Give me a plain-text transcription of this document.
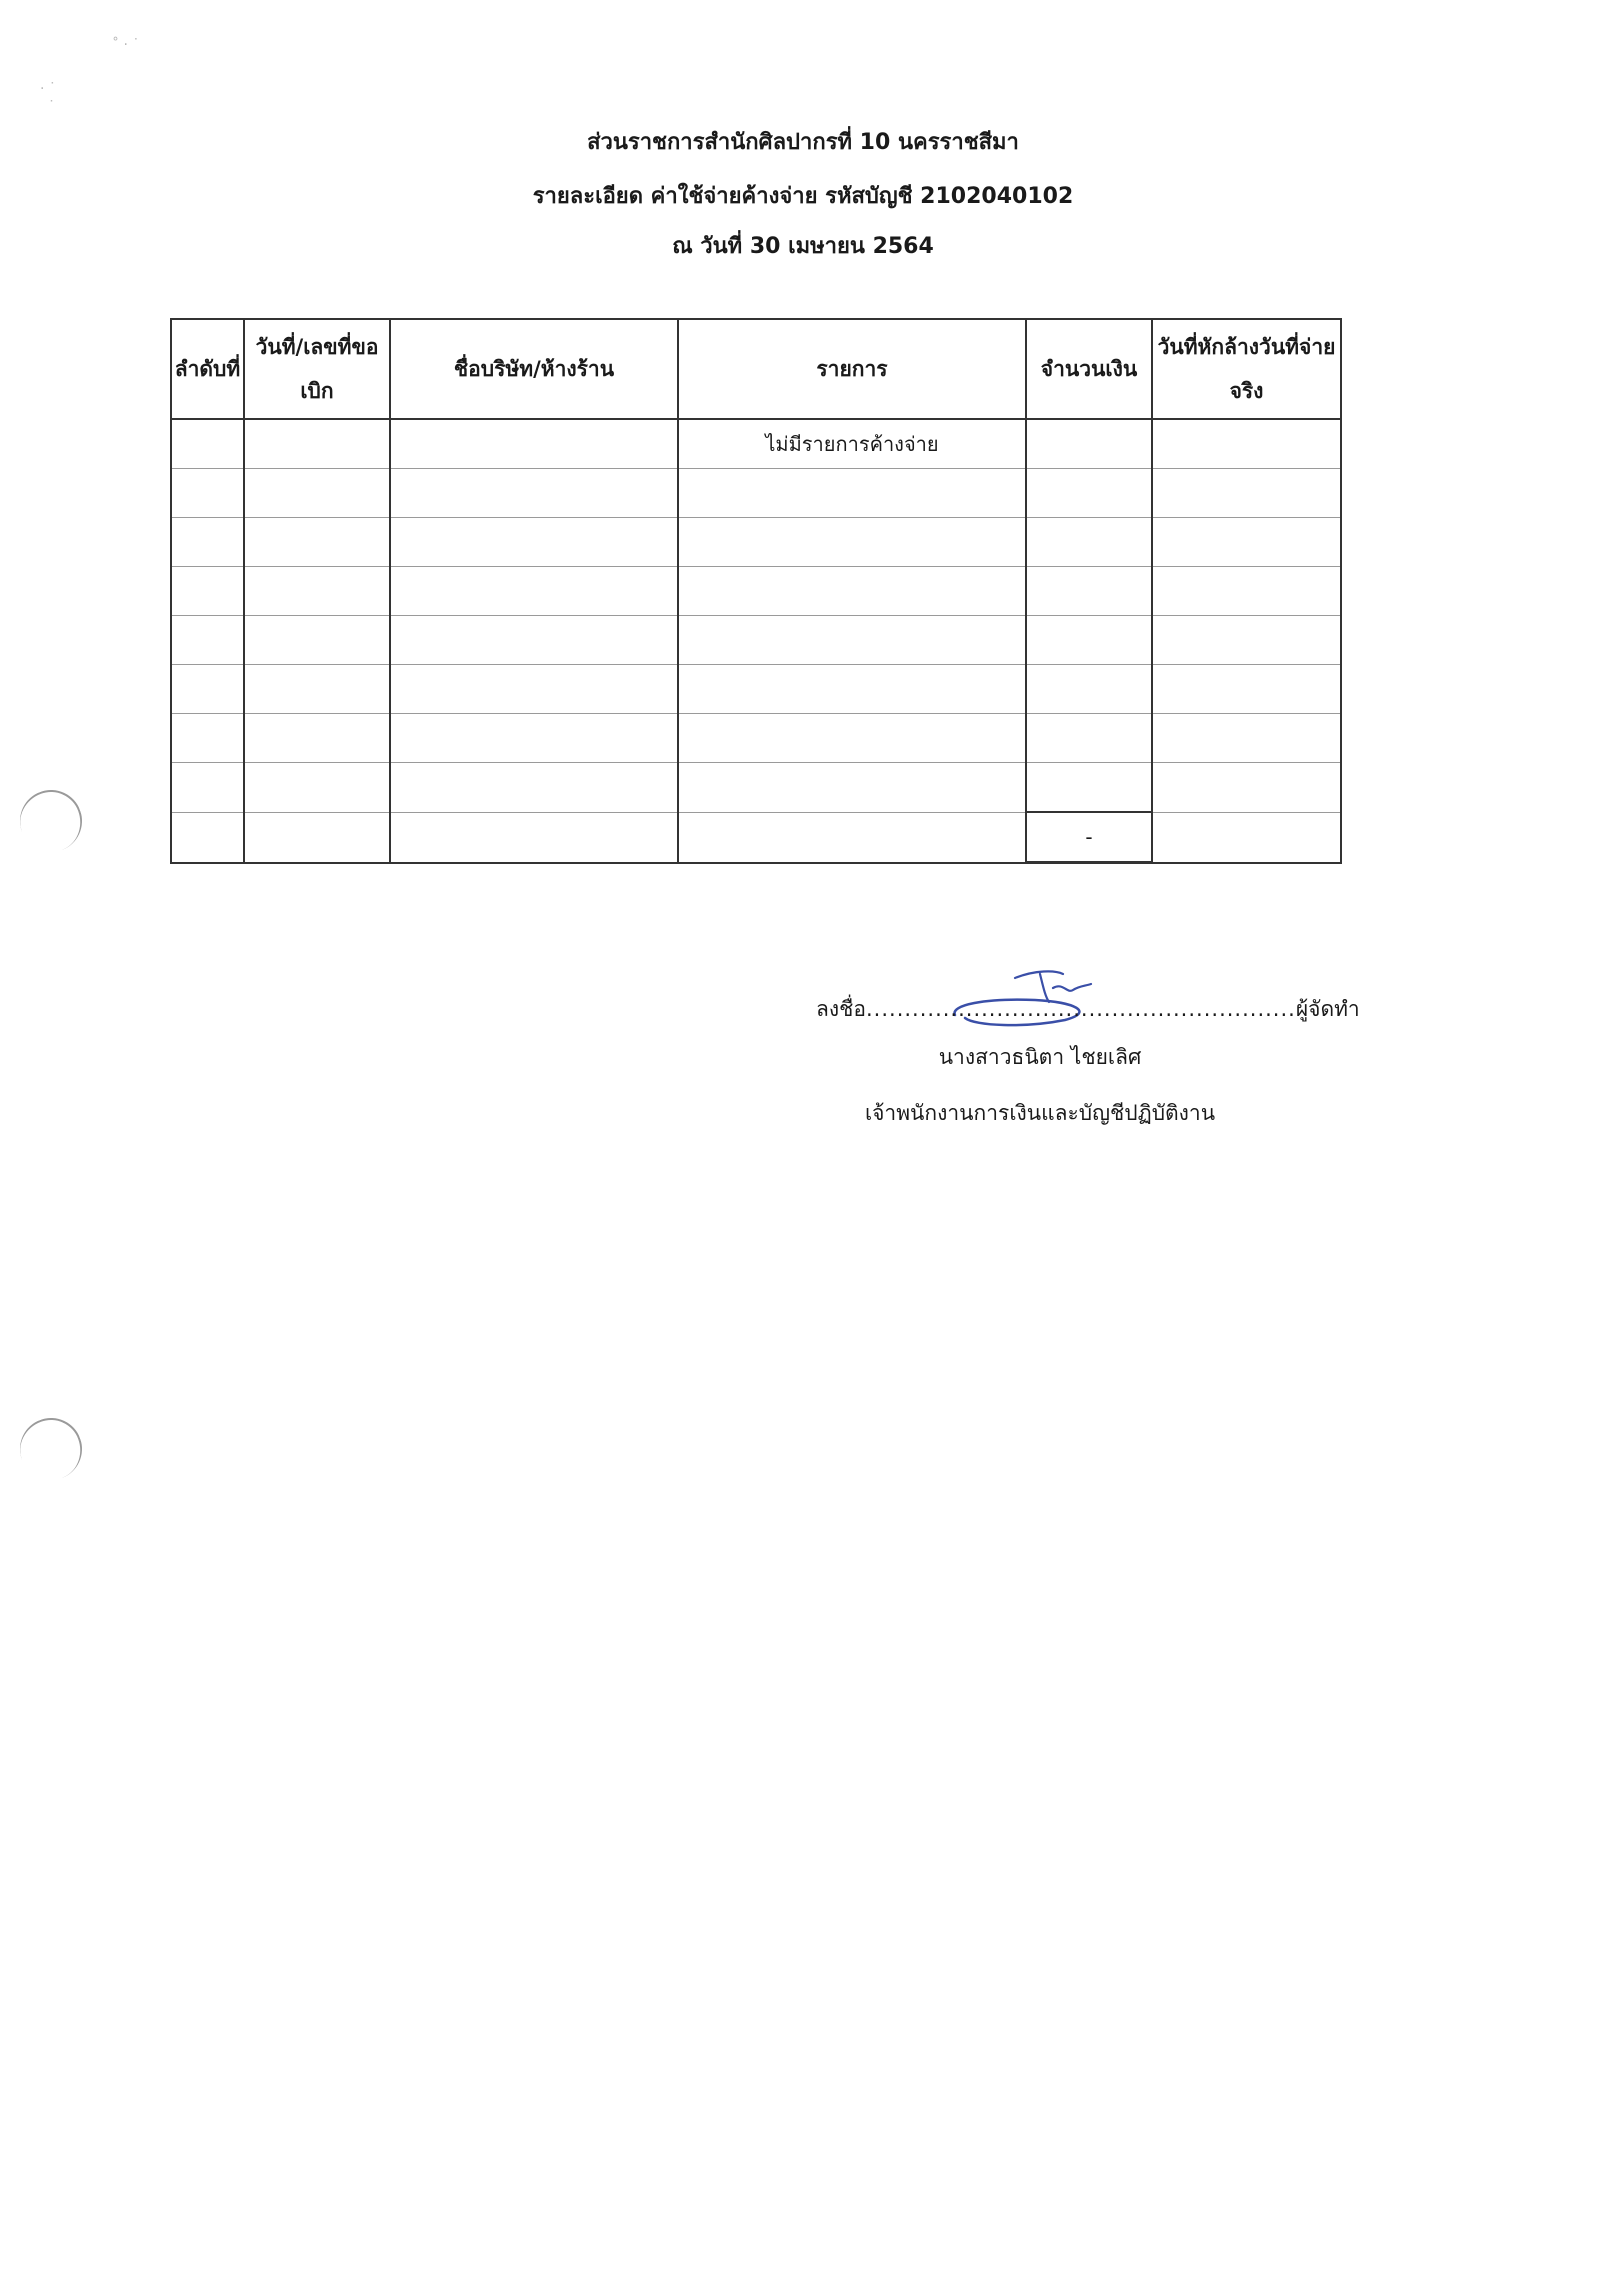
˚ · ˙
· ˙
˙
ส่วนราชการสำนักศิลปากรที่ 10 นครราชสีมา
รายละเอียด ค่าใช้จ่ายค้างจ่าย รหัสบัญชี 2102040102
ณ วันที่ 30 เมษายน 2564
ลำดับที่	วันที่/เลขที่ขอเบิก	ชื่อบริษัท/ห้างร้าน	รายการ	จำนวนเงิน	วันที่หักล้างวันที่จ่ายจริง
			ไม่มีรายการค้างจ่าย		

				-	
ลงชื่อ........................................................ผู้จัดทำ
นางสาวธนิตา ไชยเลิศ
เจ้าพนักงานการเงินและบัญชีปฏิบัติงาน
